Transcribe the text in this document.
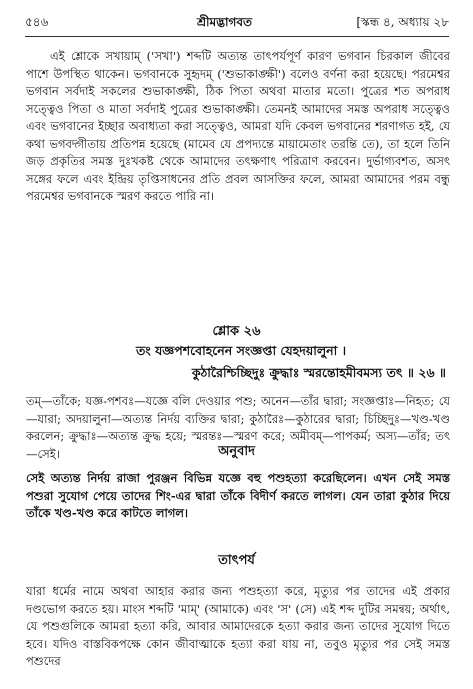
৫৪৬	শ্রীমদ্ভাগবত	[স্কন্ধ ৪, অধ্যায় ২৮
এই শ্লোকে সখায়াম্ ('সখা') শব্দটি অত্যন্ত তাৎপর্যপূর্ণ কারণ ভগবান চিরকাল জীবের পাশে উপস্থিত থাকেন। ভগবানকে সুহৃদম্ ('শুভাকাঙ্ক্ষী') বলেও বর্ণনা করা হয়েছে। পরমেশ্বর ভগবান সর্বদাই সকলের শুভাকাঙ্ক্ষী, ঠিক পিতা অথবা মাতার মতো। পুত্রের শত অপরাধ সত্ত্বেও পিতা ও মাতা সর্বদাই পুত্রের শুভাকাঙ্ক্ষী। তেমনই আমাদের সমস্ত অপরাধ সত্ত্বেও এবং ভগবানের ইচ্ছার অবাধ্যতা করা সত্ত্বেও, আমরা যদি কেবল ভগবানের শরণাগত হই, যে কথা ভগবদ্গীতায় প্রতিপন্ন হয়েছে (মামেব যে প্রপদ্যন্তে মায়ামেতাং তরন্তি তে), তা হলে তিনি জড় প্রকৃতির সমস্ত দুঃখকষ্ট থেকে আমাদের তৎক্ষণাৎ পরিত্রাণ করবেন। দুর্ভাগ্যবশত, অসৎ সঙ্গের ফলে এবং ইন্দ্রিয় তৃপ্তিসাধনের প্রতি প্রবল আসক্তির ফলে, আমরা আমাদের পরম বন্ধু পরমেশ্বর ভগবানকে স্মরণ করতে পারি না।
শ্লোক ২৬
তং যজ্ঞপশবোহনেন সংজ্ঞপ্তা যেহদয়ালুনা ।
কুঠারৈশ্চিচ্ছিদুঃ ক্রুদ্ধাঃ স্মরন্তোহমীবমস্য তৎ ॥ ২৬ ॥
তম্—তাঁকে; যজ্ঞ-পশবঃ—যজ্ঞে বলি দেওয়ার পশু; অনেন—তাঁর দ্বারা; সংজ্ঞপ্তাঃ—নিহত; যে—যারা; অদয়ালুনা—অত্যন্ত নির্দয় ব্যক্তির দ্বারা; কুঠারৈঃ—কুঠারের দ্বারা; চিচ্ছিদুঃ—খণ্ড-খণ্ড করলেন; ক্রুদ্ধাঃ—অত্যন্ত ক্রুদ্ধ হয়ে; স্মরন্তঃ—স্মরণ করে; অমীবম্—পাপকর্ম; অস্য—তাঁর; তৎ—সেই।	অনুবাদ
সেই অত্যন্ত নির্দয় রাজা পুরঞ্জন বিভিন্ন যজ্ঞে বহু পশুহত্যা করেছিলেন। এখন সেই সমস্ত পশুরা সুযোগ পেয়ে তাদের শিং-এর দ্বারা তাঁকে বিদীর্ণ করতে লাগল। যেন তারা কুঠার দিয়ে তাঁকে খণ্ড-খণ্ড করে কাটতে লাগল।
তাৎপর্য
যারা ধর্মের নামে অথবা আহার করার জন্য পশুহত্যা করে, মৃত্যুর পর তাদের এই প্রকার দণ্ডভোগ করতে হয়। মাংস শব্দটি 'মাম্' (আমাকে) এবং 'স' (সে) এই শব্দ দুটির সমন্বয়; অর্থাৎ, যে পশুগুলিকে আমরা হত্যা করি, আবার আমাদেরকে হত্যা করার জন্য তাদের সুযোগ দিতে হবে। যদিও বাস্তবিকপক্ষে কোন জীবাত্মাকে হত্যা করা যায় না, তবুও মৃত্যুর পর সেই সমস্ত পশুদের
